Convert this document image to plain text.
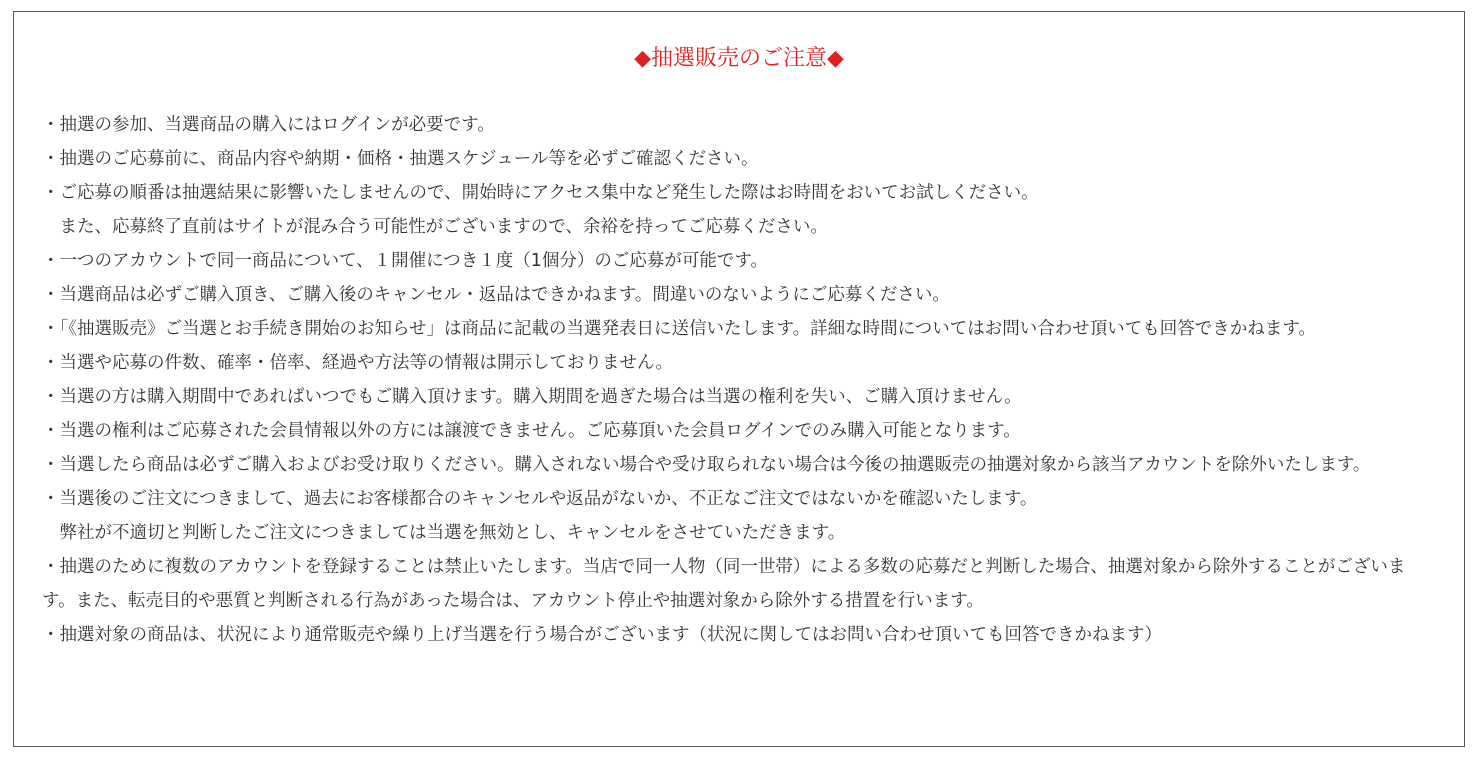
◆抽選販売のご注意◆
・抽選の参加、当選商品の購入にはログインが必要です。
・抽選のご応募前に、商品内容や納期・価格・抽選スケジュール等を必ずご確認ください。
・ご応募の順番は抽選結果に影響いたしませんので、開始時にアクセス集中など発生した際はお時間をおいてお試しください。
　また、応募終了直前はサイトが混み合う可能性がございますので、余裕を持ってご応募ください。
・一つのアカウントで同一商品について、１開催につき１度（1個分）のご応募が可能です。
・当選商品は必ずご購入頂き、ご購入後のキャンセル・返品はできかねます。間違いのないようにご応募ください。
・「《抽選販売》ご当選とお手続き開始のお知らせ」は商品に記載の当選発表日に送信いたします。詳細な時間についてはお問い合わせ頂いても回答できかねます。
・当選や応募の件数、確率・倍率、経過や方法等の情報は開示しておりません。
・当選の方は購入期間中であればいつでもご購入頂けます。購入期間を過ぎた場合は当選の権利を失い、ご購入頂けません。
・当選の権利はご応募された会員情報以外の方には譲渡できません。ご応募頂いた会員ログインでのみ購入可能となります。
・当選したら商品は必ずご購入およびお受け取りください。購入されない場合や受け取られない場合は今後の抽選販売の抽選対象から該当アカウントを除外いたします。
・当選後のご注文につきまして、過去にお客様都合のキャンセルや返品がないか、不正なご注文ではないかを確認いたします。
　弊社が不適切と判断したご注文につきましては当選を無効とし、キャンセルをさせていただきます。
・抽選のために複数のアカウントを登録することは禁止いたします。当店で同一人物（同一世帯）による多数の応募だと判断した場合、抽選対象から除外することがございます。また、転売目的や悪質と判断される行為があった場合は、アカウント停止や抽選対象から除外する措置を行います。
・抽選対象の商品は、状況により通常販売や繰り上げ当選を行う場合がございます（状況に関してはお問い合わせ頂いても回答できかねます）
